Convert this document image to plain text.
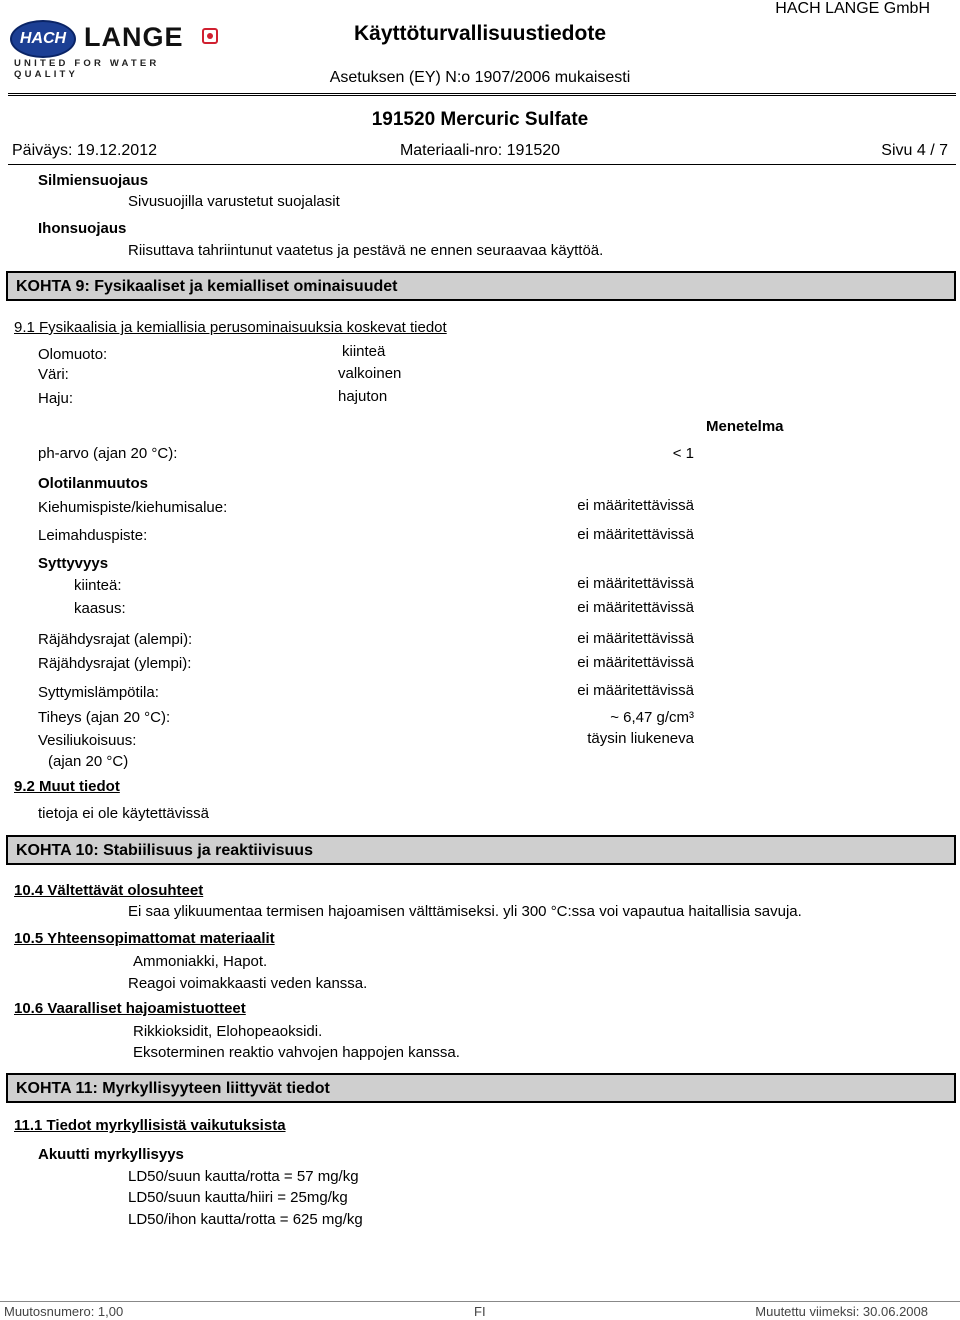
HACH LANGE
UNITED FOR WATER QUALITY
Käyttöturvallisuustiedote
HACH LANGE GmbH
Asetuksen (EY) N:o 1907/2006 mukaisesti
191520 Mercuric Sulfate
Päiväys: 19.12.2012	Materiaali-nro: 191520	Sivu 4 / 7
Silmiensuojaus
Sivusuojilla varustetut suojalasit
Ihonsuojaus
Riisuttava tahriintunut vaatetus ja pestävä ne ennen seuraavaa käyttöä.
KOHTA 9: Fysikaaliset ja kemialliset ominaisuudet
9.1 Fysikaalisia ja kemiallisia perusominaisuuksia koskevat tiedot
Olomuoto:	kiinteä
Väri:	valkoinen
Haju:	hajuton
Menetelma
ph-arvo (ajan 20 °C):	< 1
Olotilanmuutos
Kiehumispiste/kiehumisalue:	ei määritettävissä
Leimahduspiste:	ei määritettävissä
Syttyvyys
kiinteä:	ei määritettävissä
kaasus:	ei määritettävissä
Räjähdysrajat (alempi):	ei määritettävissä
Räjähdysrajat (ylempi):	ei määritettävissä
Syttymislämpötila:	ei määritettävissä
Tiheys (ajan 20 °C):	~ 6,47 g/cm³
Vesiliukoisuus:	täysin liukeneva
(ajan 20 °C)
9.2 Muut tiedot
tietoja ei ole käytettävissä
KOHTA 10: Stabiilisuus ja reaktiivisuus
10.4 Vältettävät olosuhteet
Ei saa ylikuumentaa termisen hajoamisen välttämiseksi. yli 300 °C:ssa voi vapautua haitallisia savuja.
10.5 Yhteensopimattomat materiaalit
Ammoniakki, Hapot.
Reagoi voimakkaasti veden kanssa.
10.6 Vaaralliset hajoamistuotteet
Rikkioksidit, Elohopeaoksidi.
Eksoterminen reaktio vahvojen happojen kanssa.
KOHTA 11: Myrkyllisyyteen liittyvät tiedot
11.1 Tiedot myrkyllisistä vaikutuksista
Akuutti myrkyllisyys
LD50/suun kautta/rotta = 57 mg/kg
LD50/suun kautta/hiiri = 25mg/kg
LD50/ihon kautta/rotta = 625 mg/kg
Muutosnumero: 1,00	FI	Muutettu viimeksi: 30.06.2008
